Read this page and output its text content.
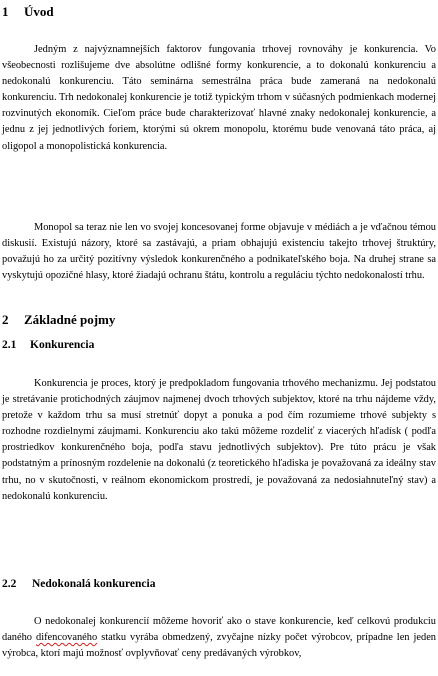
1 Úvod

Jedným z najvýznamnejších faktorov fungovania trhovej rovnováhy je konkurencia. Vo všeobecnosti rozlišujeme dve absolútne odlišné formy konkurencie, a to dokonalú konkurenciu a nedokonalú konkurenciu. Táto seminárna semestrálna práca bude zameraná na nedokonalú konkurenciu. Trh nedokonalej konkurencie je totiž typickým trhom v súčasných podmienkach modernej rozvinutých ekonomík. Cieľom práce bude charakterizovať hlavné znaky nedokonalej konkurencie, a jednu z jej jednotlivých foriem, ktorými sú okrem monopolu, ktorému bude venovaná táto práca, aj oligopol a monopolistická konkurencia.

Monopol sa teraz nie len vo svojej koncesovanej forme objavuje v médiách a je vďačnou témou diskusií. Existujú názory, ktoré sa zastávajú, a priam obhajujú existenciu takejto trhovej štruktúry, považujú ho za určitý pozitívny výsledok konkurenčného a podnikateľského boja. Na druhej strane sa vyskytujú opozičné hlasy, ktoré žiadajú ochranu štátu, kontrolu a reguláciu týchto nedokonalostí trhu.

2 Základné pojmy
2.1 Konkurencia

Konkurencia je proces, ktorý je predpokladom fungovania trhového mechanizmu. Jej podstatou je stretávanie protichodných záujmov najmenej dvoch trhových subjektov, ktoré na trhu nájdeme vždy, pretože v každom trhu sa musí stretnúť dopyt a ponuka a pod čím rozumieme trhové subjekty s rozhodne rozdielnymi záujmami. Konkurenciu ako takú môžeme rozdeliť z viacerých hľadísk ( podľa prostriedkov konkurenčného boja, podľa stavu jednotlivých subjektov). Pre túto prácu je však podstatným a prínosným rozdelenie na dokonalú (z teoretického hľadiska je považovaná za ideálny stav trhu, no v skutočnosti, v reálnom ekonomickom prostredí, je považovaná za nedosiahnuteľný stav) a nedokonalú konkurenciu.

2.2 Nedokonalá konkurencia

O nedokonalej konkurencií môžeme hovoriť ako o stave konkurencie, keď celkovú produkciu daného difencovaného statku vyrába obmedzený, zvyčajne nízky počet výrobcov, prípadne len jeden výrobca, ktorí majú možnosť ovplyvňovať ceny predávaných výrobkov,
